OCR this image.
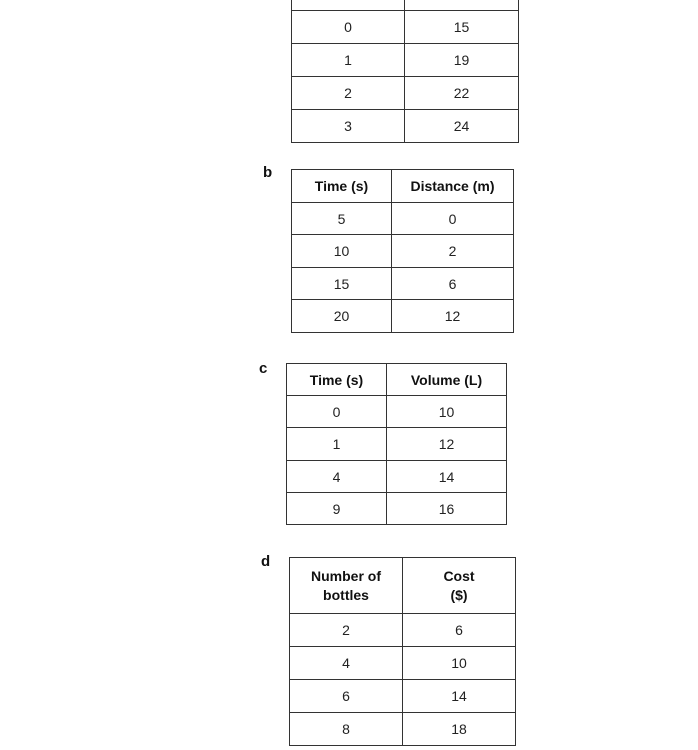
0	15
1	19
2	22
3	24
b
Time (s)	Distance (m)
5	0
10	2
15	6
20	12
c
Time (s)	Volume (L)
0	10
1	12
4	14
9	16
d
Number of bottles	Cost ($)
2	6
4	10
6	14
8	18
